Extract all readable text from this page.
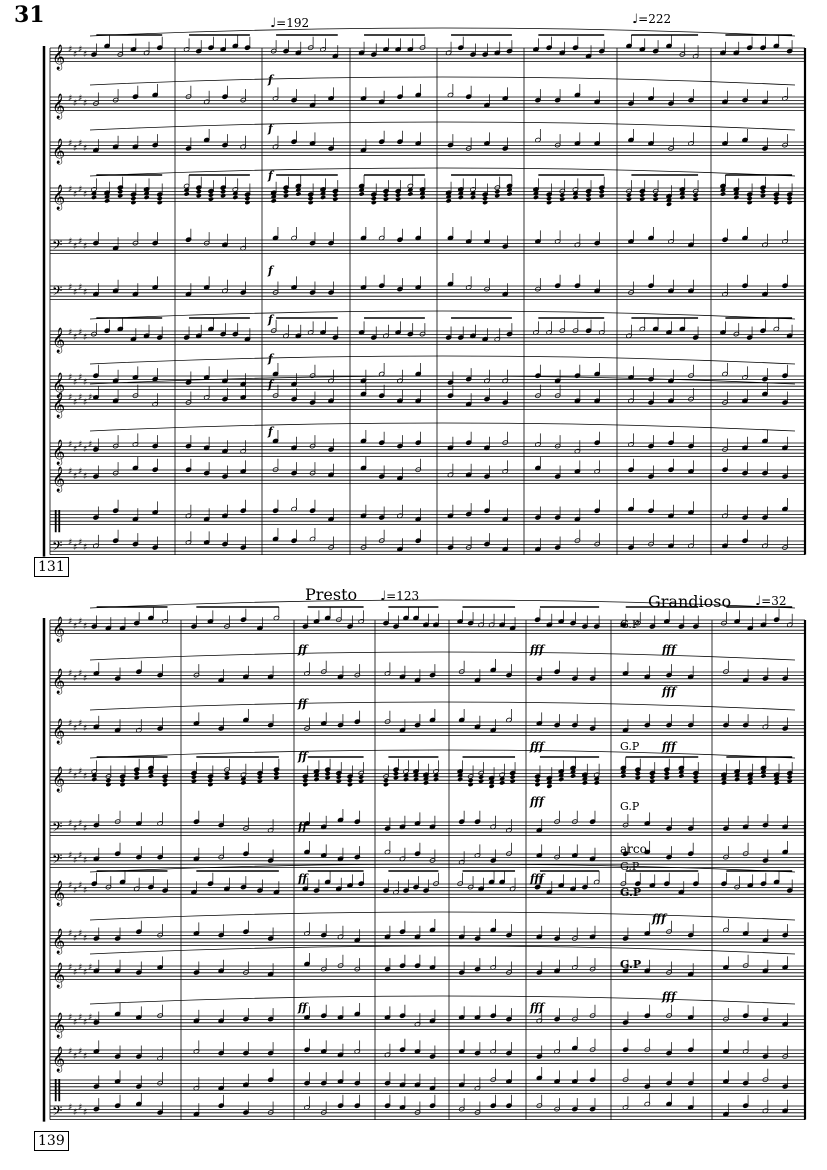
𝄞 ♯ ♯ ♯ ♯
𝄞 ♯ ♯ ♯ ♯
𝄞 ♯ ♯ ♯ ♯
𝄞 ♯ ♯ ♯ ♯
𝄢 ♯ ♯ ♯ ♯
𝄢 ♯ ♯ ♯ ♯
𝄞 ♯ ♯ ♯ ♯
𝄞 ♯ ♯ ♯ ♯
𝄞 ♯ ♯ ♯ ♯ ♯
𝄞 ♯ ♯ ♯ ♯ ♯
𝄞 ♯ ♯ ♯ ♯
‖
𝄢 ♯ ♯ ♯ ♯
𝄞 ♯ ♯ ♯ ♯
𝄞 ♯ ♯ ♯ ♯
𝄞 ♯ ♯ ♯ ♯
𝄞 ♯ ♯ ♯ ♯
𝄢 ♯ ♯ ♯ ♯
𝄢 ♯ ♯ ♯ ♯
𝄞 ♯ ♯ ♯ ♯
𝄞 ♯ ♯ ♯ ♯
𝄞 ♯ ♯ ♯ ♯ ♯
𝄞 ♯ ♯ ♯ ♯ ♯
𝄞 ♯ ♯ ♯ ♯
‖
𝄢 ♯ ♯ ♯ ♯
31	♩=192	♩=222
131
Presto ♩=123	Grandioso ♩=32
139
arco
G.P
G.P
G.P
G.P
G.P
G.P
f
f
f
f
f
f
f
f
ff
ff
ff
ff
ff
ff
fff
fff
fff
fff
fff
fff
fff
fff
fff
fff
